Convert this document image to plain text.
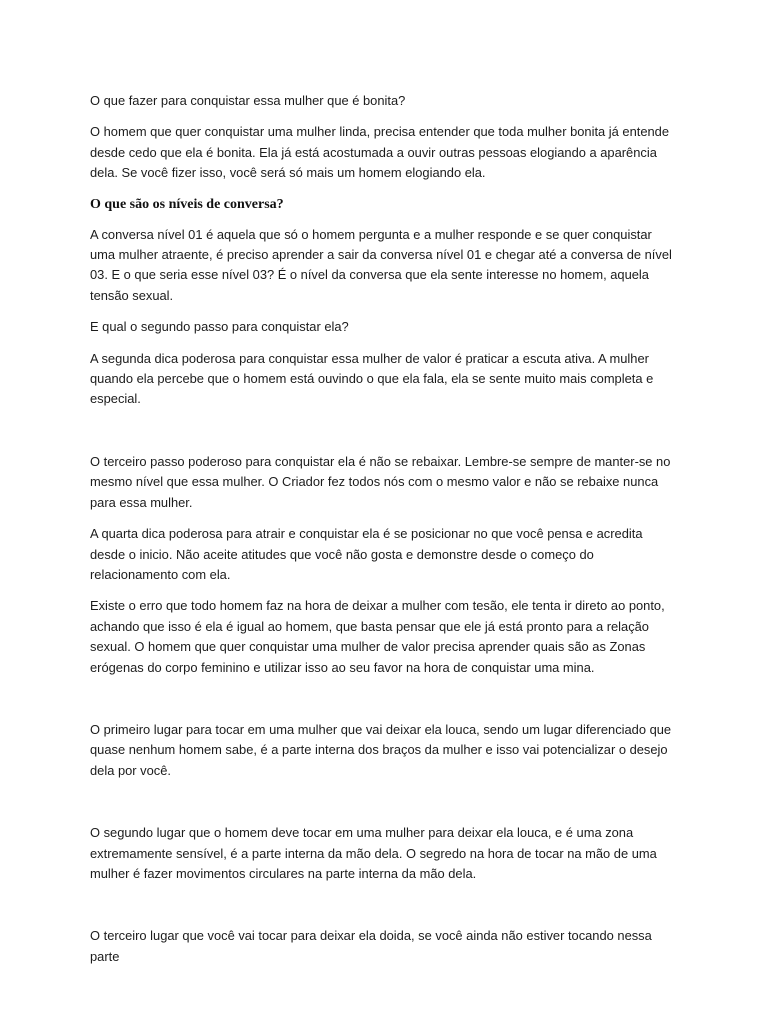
O que fazer para conquistar essa mulher que é bonita?

O homem que quer conquistar uma mulher linda, precisa entender que toda mulher bonita já entende desde cedo que ela é bonita. Ela já está acostumada a ouvir outras pessoas elogiando a aparência dela. Se você fizer isso, você será só mais um homem elogiando ela.

O que são os níveis de conversa?

A conversa nível 01 é aquela que só o homem pergunta e a mulher responde e se quer conquistar uma mulher atraente, é preciso aprender a sair da conversa nível 01 e chegar até a conversa de nível 03. E o que seria esse nível 03? É o nível da conversa que ela sente interesse no homem, aquela tensão sexual.

E qual o segundo passo para conquistar ela?

A segunda dica poderosa para conquistar essa mulher de valor é praticar a escuta ativa. A mulher quando ela percebe que o homem está ouvindo o que ela fala, ela se sente muito mais completa e especial.

O terceiro passo poderoso para conquistar ela é não se rebaixar. Lembre-se sempre de manter-se no mesmo nível que essa mulher. O Criador fez todos nós com o mesmo valor e não se rebaixe nunca para essa mulher.

A quarta dica poderosa para atrair e conquistar ela é se posicionar no que você pensa e acredita desde o inicio. Não aceite atitudes que você não gosta e demonstre desde o começo do relacionamento com ela.

Existe o erro que todo homem faz na hora de deixar a mulher com tesão, ele tenta ir direto ao ponto, achando que isso é ela é igual ao homem, que basta pensar que ele já está pronto para a relação sexual. O homem que quer conquistar uma mulher de valor precisa aprender quais são as Zonas erógenas do corpo feminino e utilizar isso ao seu favor na hora de conquistar uma mina.

O primeiro lugar para tocar em uma mulher que vai deixar ela louca, sendo um lugar diferenciado que quase nenhum homem sabe, é a parte interna dos braços da mulher e isso vai potencializar o desejo dela por você.

O segundo lugar que o homem deve tocar em uma mulher para deixar ela louca, e é uma zona extremamente sensível, é a parte interna da mão dela. O segredo na hora de tocar na mão de uma mulher é fazer movimentos circulares na parte interna da mão dela.

O terceiro lugar que você vai tocar para deixar ela doida, se você ainda não estiver tocando nessa parte
